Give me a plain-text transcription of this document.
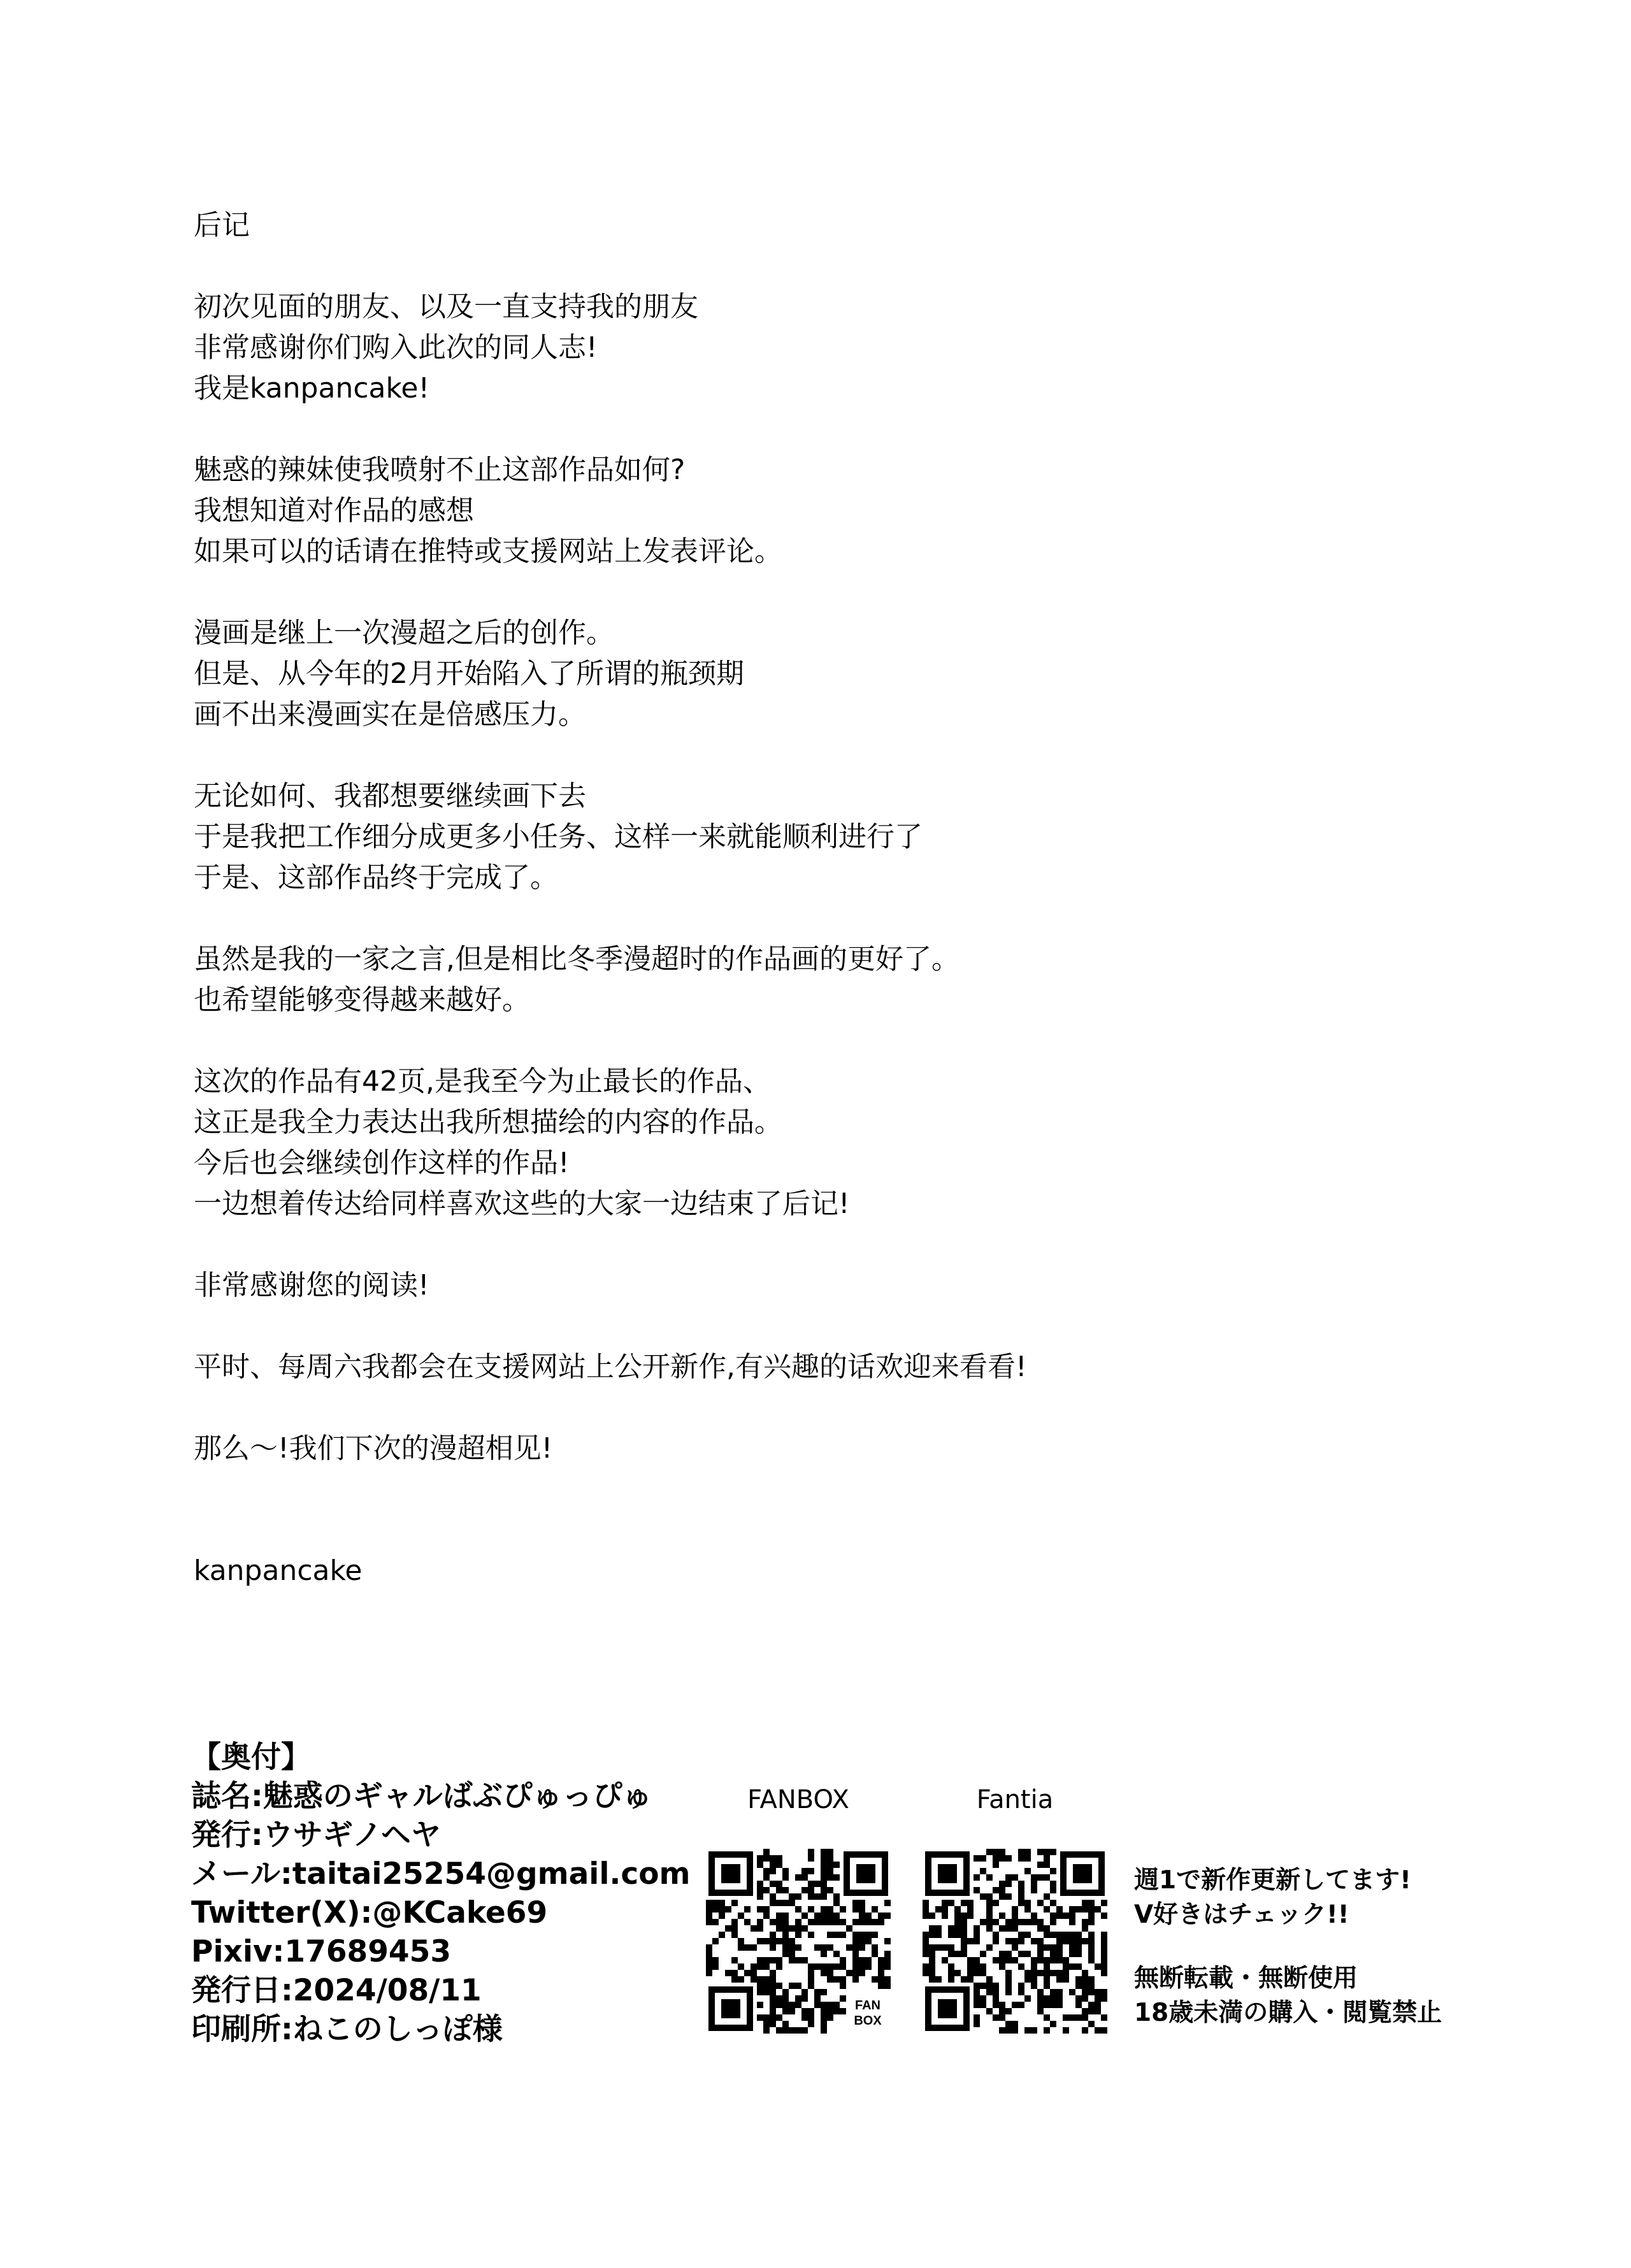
后记
初次见面的朋友、以及一直支持我的朋友
非常感谢你们购入此次的同人志!
我是kanpancake!
魅惑的辣妹使我喷射不止这部作品如何?
我想知道对作品的感想
如果可以的话请在推特或支援网站上发表评论。
漫画是继上一次漫超之后的创作。
但是、从今年的2月开始陷入了所谓的瓶颈期
画不出来漫画实在是倍感压力。
无论如何、我都想要继续画下去
于是我把工作细分成更多小任务、这样一来就能顺利进行了
于是、这部作品终于完成了。
虽然是我的一家之言,但是相比冬季漫超时的作品画的更好了。
也希望能够变得越来越好。
这次的作品有42页,是我至今为止最长的作品、
这正是我全力表达出我所想描绘的内容的作品。
今后也会继续创作这样的作品!
一边想着传达给同样喜欢这些的大家一边结束了后记!
非常感谢您的阅读!
平时、每周六我都会在支援网站上公开新作,有兴趣的话欢迎来看看!
那么～!我们下次的漫超相见!
kanpancake
【奥付】
誌名:魅惑のギャルばぶぴゅっぴゅ
発行:ウサギノヘヤ
メール:taitai25254@gmail.com
Twitter(X):@KCake69
Pixiv:17689453
発行日:2024/08/11
印刷所:ねこのしっぽ様
FANBOX
FAN
BOX
Fantia
週1で新作更新してます!
V好きはチェック!!
無断転載・無断使用
18歳未満の購入・閲覧禁止
